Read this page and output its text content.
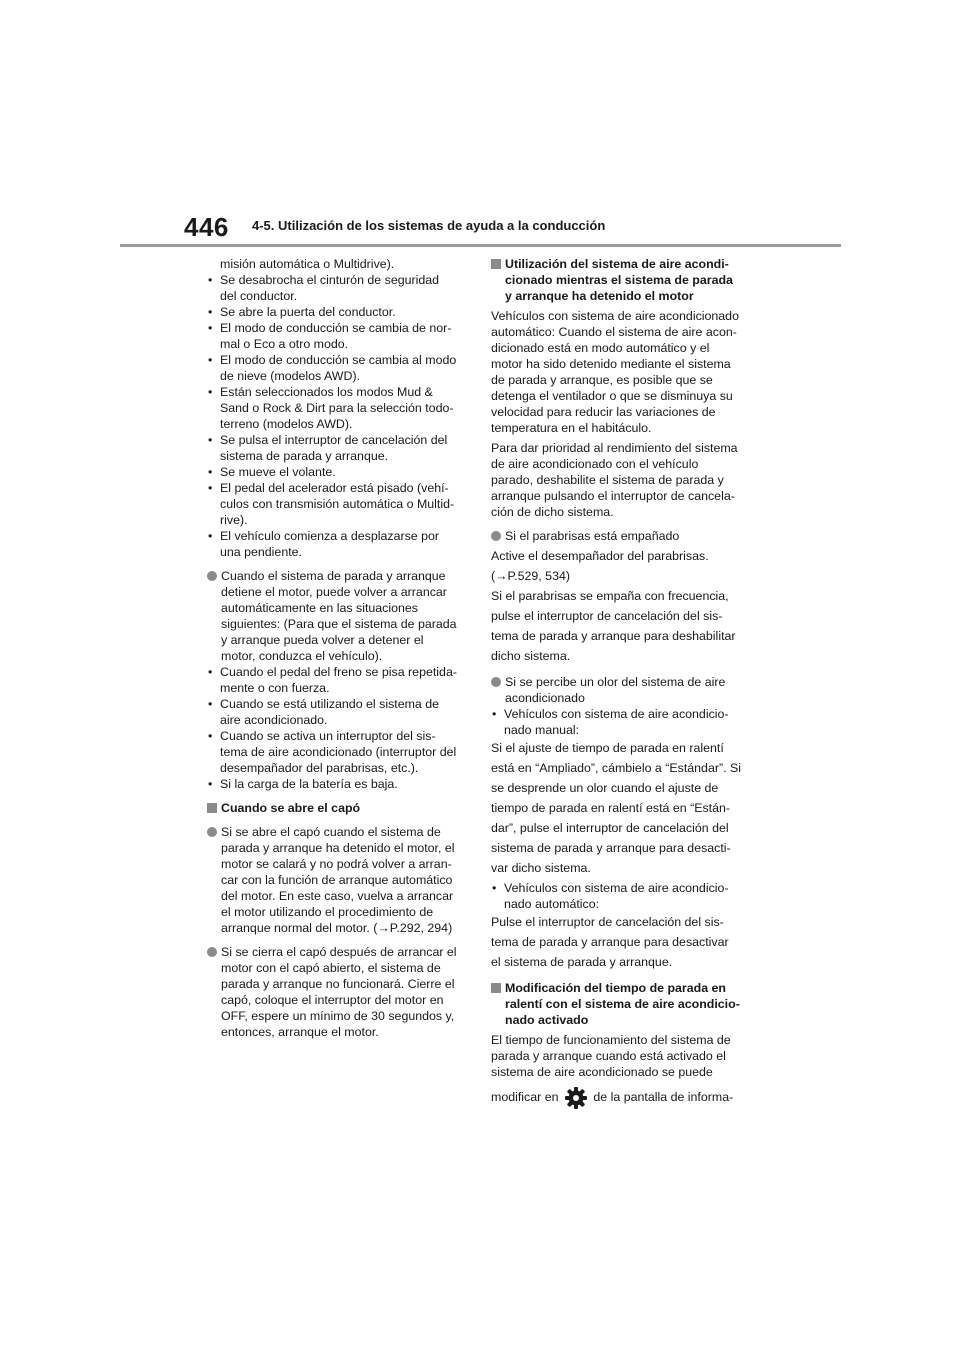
446 4-5. Utilización de los sistemas de ayuda a la conducción
misión automática o Multidrive).
• Se desabrocha el cinturón de seguridad
del conductor.
• Se abre la puerta del conductor.
• El modo de conducción se cambia de nor-
mal o Eco a otro modo.
• El modo de conducción se cambia al modo
de nieve (modelos AWD).
• Están seleccionados los modos Mud &
Sand o Rock & Dirt para la selección todo-
terreno (modelos AWD).
• Se pulsa el interruptor de cancelación del
sistema de parada y arranque.
• Se mueve el volante.
• El pedal del acelerador está pisado (vehí-
culos con transmisión automática o Multid-
rive).
• El vehículo comienza a desplazarse por
una pendiente.
Cuando el sistema de parada y arranque
detiene el motor, puede volver a arrancar
automáticamente en las situaciones
siguientes: (Para que el sistema de parada
y arranque pueda volver a detener el
motor, conduzca el vehículo).
• Cuando el pedal del freno se pisa repetida-
mente o con fuerza.
• Cuando se está utilizando el sistema de
aire acondicionado.
• Cuando se activa un interruptor del sis-
tema de aire acondicionado (interruptor del
desempañador del parabrisas, etc.).
• Si la carga de la batería es baja.
Cuando se abre el capó
Si se abre el capó cuando el sistema de
parada y arranque ha detenido el motor, el
motor se calará y no podrá volver a arran-
car con la función de arranque automático
del motor. En este caso, vuelva a arrancar
el motor utilizando el procedimiento de
arranque normal del motor. (→P.292, 294)
Si se cierra el capó después de arrancar el
motor con el capó abierto, el sistema de
parada y arranque no funcionará. Cierre el
capó, coloque el interruptor del motor en
OFF, espere un mínimo de 30 segundos y,
entonces, arranque el motor.
Utilización del sistema de aire acondi-
cionado mientras el sistema de parada
y arranque ha detenido el motor
Vehículos con sistema de aire acondicionado
automático: Cuando el sistema de aire acon-
dicionado está en modo automático y el
motor ha sido detenido mediante el sistema
de parada y arranque, es posible que se
detenga el ventilador o que se disminuya su
velocidad para reducir las variaciones de
temperatura en el habitáculo.
Para dar prioridad al rendimiento del sistema
de aire acondicionado con el vehículo
parado, deshabilite el sistema de parada y
arranque pulsando el interruptor de cancela-
ción de dicho sistema.
Si el parabrisas está empañado
Active el desempañador del parabrisas.
(→P.529, 534)
Si el parabrisas se empaña con frecuencia,
pulse el interruptor de cancelación del sis-
tema de parada y arranque para deshabilitar
dicho sistema.
Si se percibe un olor del sistema de aire
acondicionado
• Vehículos con sistema de aire acondicio-
nado manual:
Si el ajuste de tiempo de parada en ralentí
está en “Ampliado”, cámbielo a “Estándar”. Si
se desprende un olor cuando el ajuste de
tiempo de parada en ralentí está en “Están-
dar”, pulse el interruptor de cancelación del
sistema de parada y arranque para desacti-
var dicho sistema.
• Vehículos con sistema de aire acondicio-
nado automático:
Pulse el interruptor de cancelación del sis-
tema de parada y arranque para desactivar
el sistema de parada y arranque.
Modificación del tiempo de parada en
ralentí con el sistema de aire acondicio-
nado activado
El tiempo de funcionamiento del sistema de
parada y arranque cuando está activado el
sistema de aire acondicionado se puede
modificar en	de la pantalla de informa-
